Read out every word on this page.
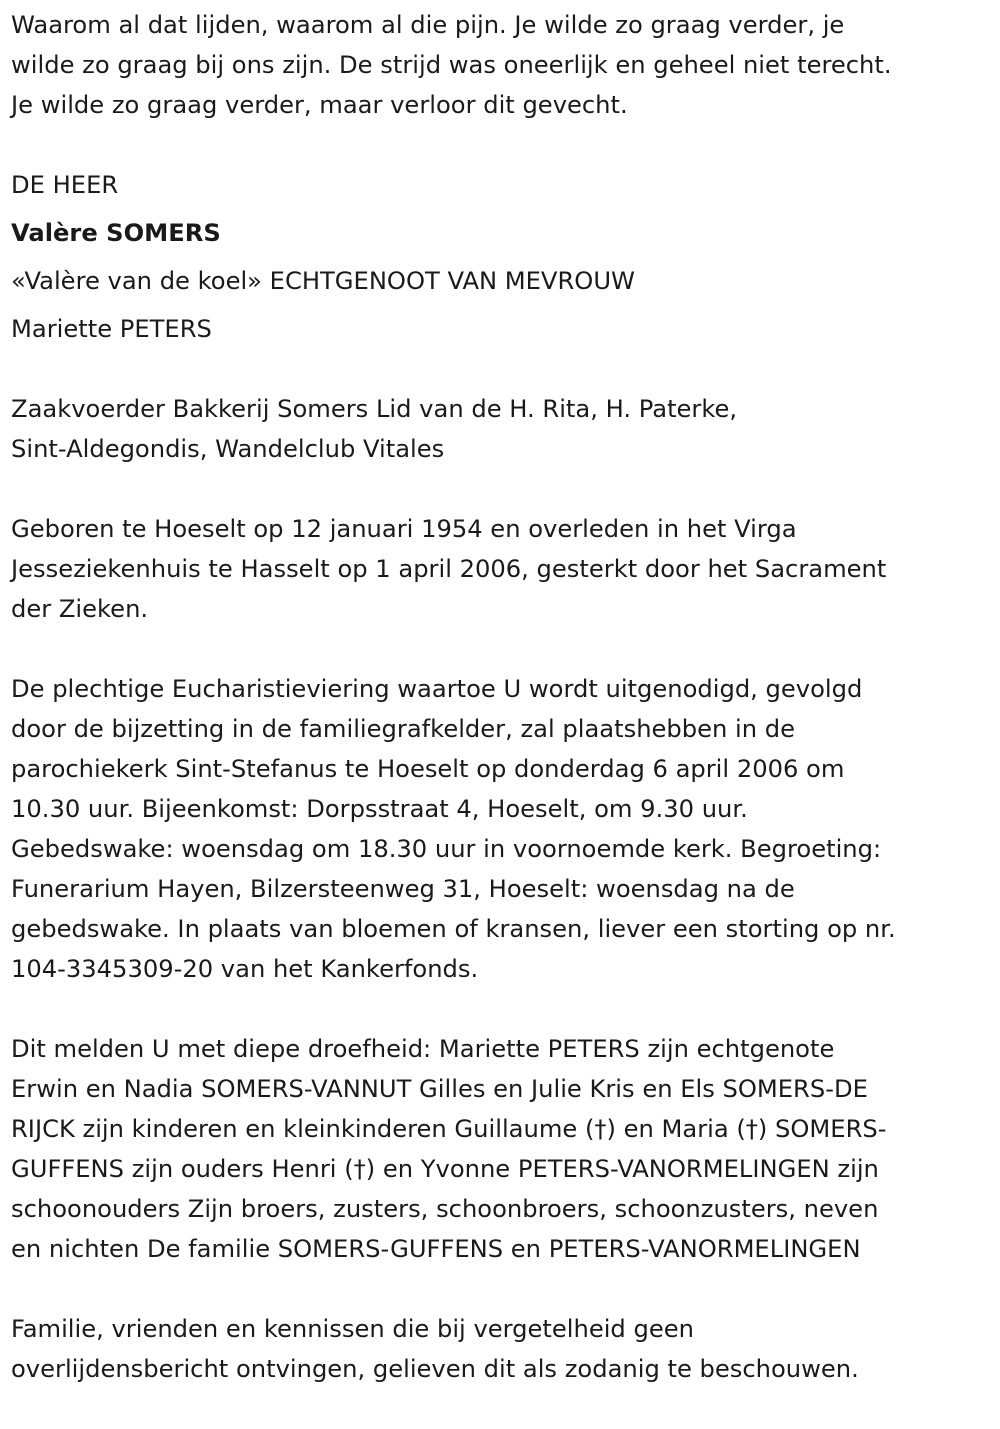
Waarom al dat lijden, waarom al die pijn. Je wilde zo graag verder, je
wilde zo graag bij ons zijn. De strijd was oneerlijk en geheel niet terecht.
Je wilde zo graag verder, maar verloor dit gevecht.
DE HEER
Valère SOMERS
«Valère van de koel» ECHTGENOOT VAN MEVROUW
Mariette PETERS
Zaakvoerder Bakkerij Somers Lid van de H. Rita, H. Paterke,
Sint-Aldegondis, Wandelclub Vitales
Geboren te Hoeselt op 12 januari 1954 en overleden in het Virga
Jesseziekenhuis te Hasselt op 1 april 2006, gesterkt door het Sacrament
der Zieken.
De plechtige Eucharistieviering waartoe U wordt uitgenodigd, gevolgd
door de bijzetting in de familiegrafkelder, zal plaatshebben in de
parochiekerk Sint-Stefanus te Hoeselt op donderdag 6 april 2006 om
10.30 uur. Bijeenkomst: Dorpsstraat 4, Hoeselt, om 9.30 uur.
Gebedswake: woensdag om 18.30 uur in voornoemde kerk. Begroeting:
Funerarium Hayen, Bilzersteenweg 31, Hoeselt: woensdag na de
gebedswake. In plaats van bloemen of kransen, liever een storting op nr.
104-3345309-20 van het Kankerfonds.
Dit melden U met diepe droefheid: Mariette PETERS zijn echtgenote
Erwin en Nadia SOMERS-VANNUT Gilles en Julie Kris en Els SOMERS-DE
RIJCK zijn kinderen en kleinkinderen Guillaume (†) en Maria (†) SOMERS-
GUFFENS zijn ouders Henri (†) en Yvonne PETERS-VANORMELINGEN zijn
schoonouders Zijn broers, zusters, schoonbroers, schoonzusters, neven
en nichten De familie SOMERS-GUFFENS en PETERS-VANORMELINGEN
Familie, vrienden en kennissen die bij vergetelheid geen
overlijdensbericht ontvingen, gelieven dit als zodanig te beschouwen.
